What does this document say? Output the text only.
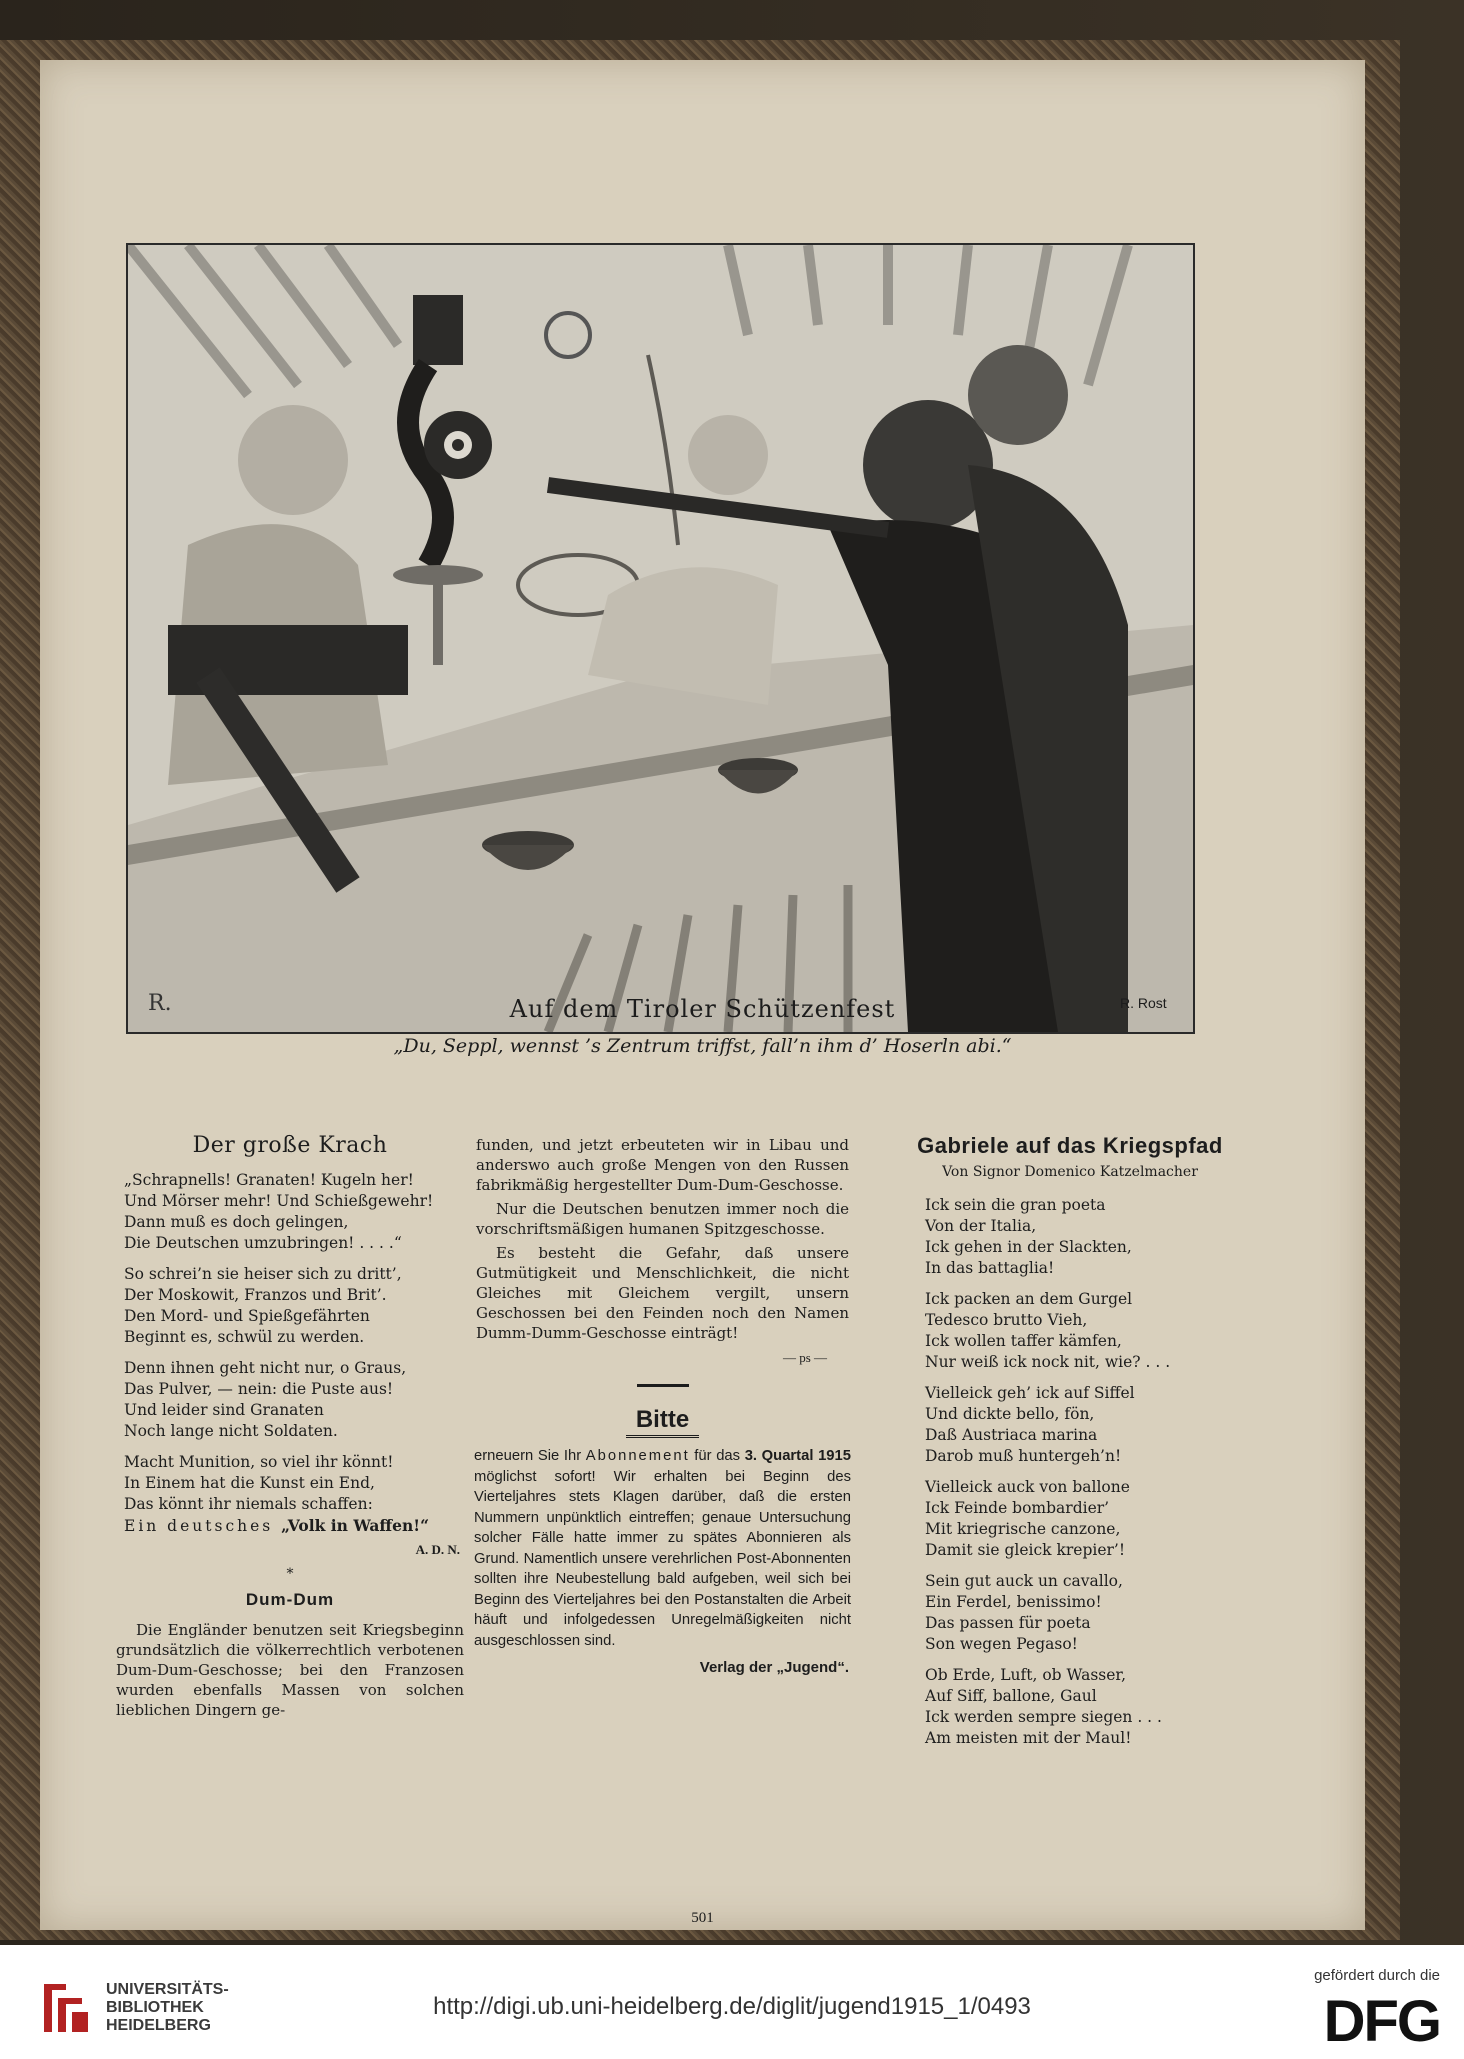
R.	Auf dem Tiroler Schützenfest	R. Rost
„Du, Seppl, wennst ’s Zentrum triffst, fall’n ihm d’ Hoserln abi.“
Der große Krach
„Schrapnells! Granaten! Kugeln her!
Und Mörser mehr! Und Schießgewehr!
Dann muß es doch gelingen,
Die Deutschen umzubringen! . . . .“
So schrei’n sie heiser sich zu dritt’,
Der Moskowit, Franzos und Brit’.
Den Mord- und Spießgefährten
Beginnt es, schwül zu werden.
Denn ihnen geht nicht nur, o Graus,
Das Pulver, — nein: die Puste aus!
Und leider sind Granaten
Noch lange nicht Soldaten.
Macht Munition, so viel ihr könnt!
In Einem hat die Kunst ein End,
Das könnt ihr niemals schaffen:
Ein deutsches „Volk in Waffen!“
A. D. N.
*
Dum-Dum

Die Engländer benutzen seit Kriegsbeginn grundsätzlich die völkerrechtlich verbotenen Dum-Dum-Geschosse; bei den Franzosen wurden ebenfalls Massen von solchen lieblichen Dingern ge-

funden, und jetzt erbeuteten wir in Libau und anderswo auch große Mengen von den Russen fabrikmäßig hergestellter Dum-Dum-Geschosse.

Nur die Deutschen benutzen immer noch die vorschriftsmäßigen humanen Spitzgeschosse.

Es besteht die Gefahr, daß unsere Gutmütigkeit und Menschlichkeit, die nicht Gleiches mit Gleichem vergilt, unsern Geschossen bei den Feinden noch den Namen Dumm-Dumm-Geschosse einträgt!

— ps —
Bitte
erneuern Sie Ihr Abonnement für das 3. Quartal 1915 möglichst sofort! Wir erhalten bei Beginn des Vierteljahres stets Klagen darüber, daß die ersten Nummern unpünktlich eintreffen; genaue Untersuchung solcher Fälle hatte immer zu spätes Abonnieren als Grund. Namentlich unsere verehrlichen Post-Abonnenten sollten ihre Neubestellung bald aufgeben, weil sich bei Beginn des Vierteljahres bei den Postanstalten die Arbeit häuft und infolgedessen Unregelmäßigkeiten nicht ausgeschlossen sind.
Verlag der „Jugend“.
Gabriele auf das Kriegspfad
Von Signor Domenico Katzelmacher
Ick sein die gran poeta
Von der Italia,
Ick gehen in der Slackten,
In das battaglia!
Ick packen an dem Gurgel
Tedesco brutto Vieh,
Ick wollen taffer kämfen,
Nur weiß ick nock nit, wie? . . .
Vielleick geh’ ick auf Siffel
Und dickte bello, fön,
Daß Austriaca marina
Darob muß huntergeh’n!
Vielleick auck von ballone
Ick Feinde bombardier’
Mit kriegrische canzone,
Damit sie gleick krepier’!
Sein gut auck un cavallo,
Ein Ferdel, benissimo!
Das passen für poeta
Son wegen Pegaso!
Ob Erde, Luft, ob Wasser,
Auf Siff, ballone, Gaul
Ick werden sempre siegen . . .
Am meisten mit der Maul!
501
UNIVERSITÄTS-
BIBLIOTHEK
HEIDELBERG
http://digi.ub.uni-heidelberg.de/diglit/jugend1915_1/0493
gefördert durch die
DFG
